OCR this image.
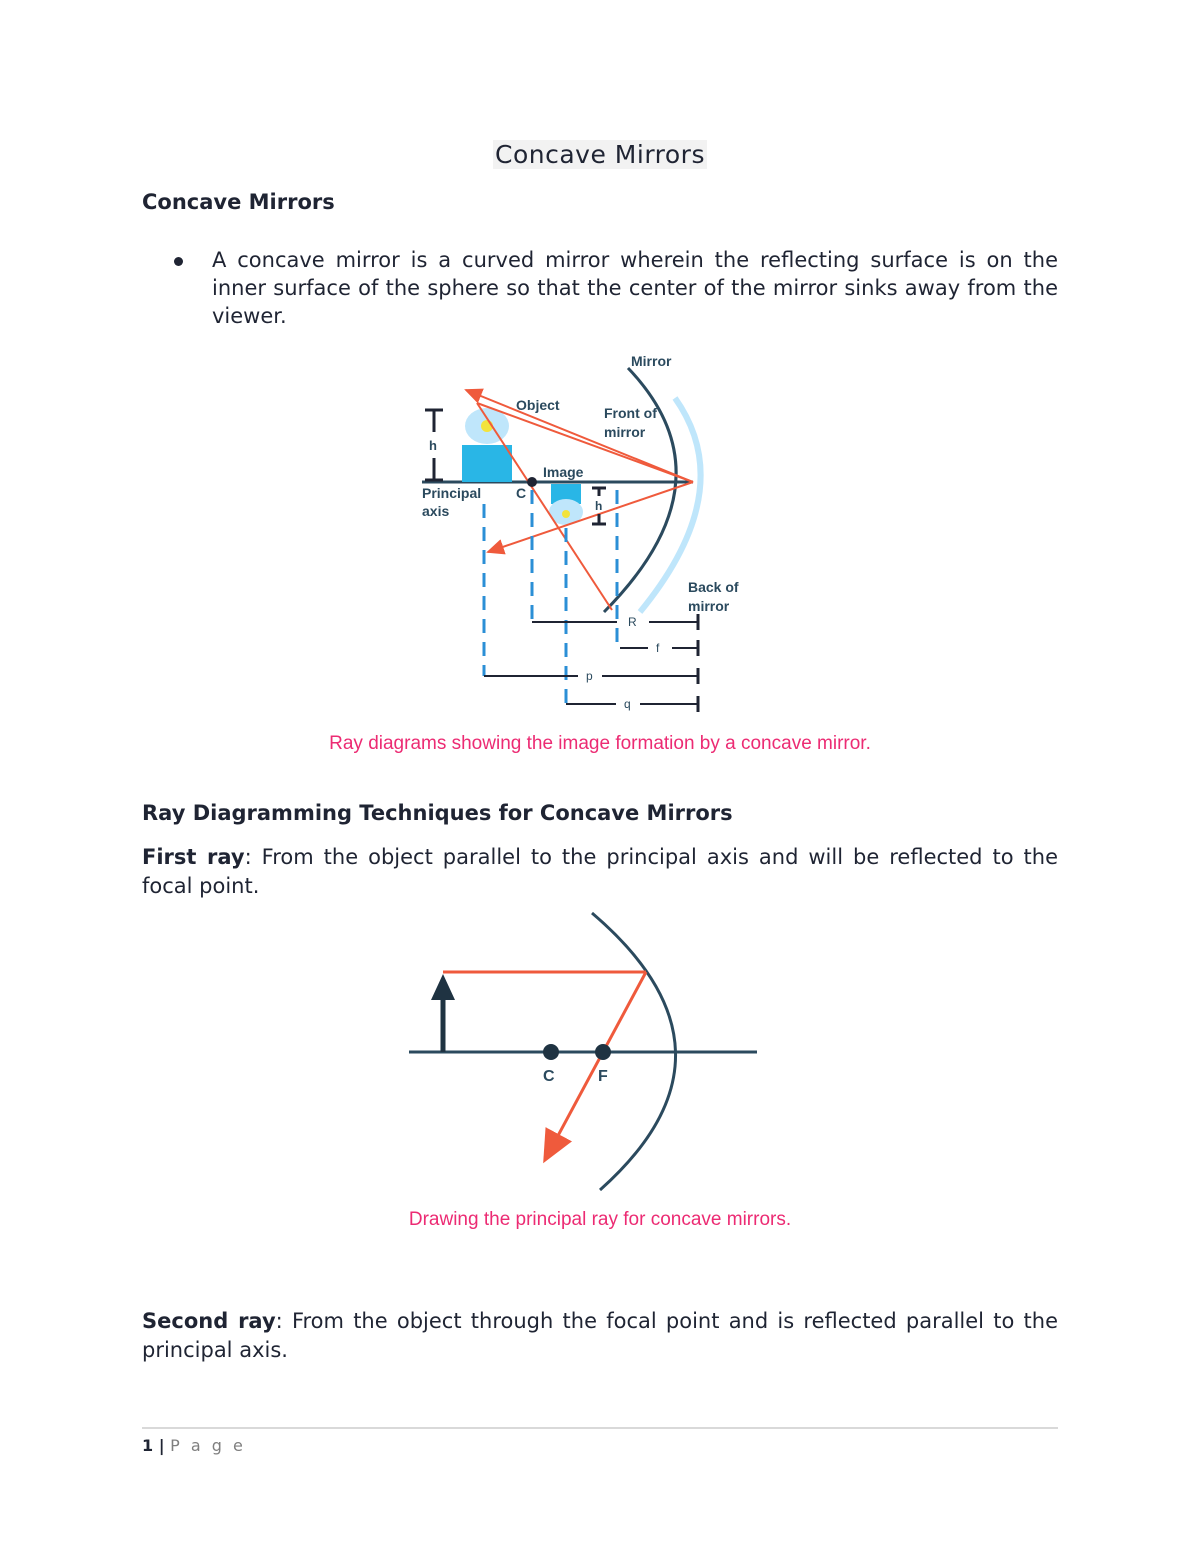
Concave Mirrors
Concave Mirrors
A concave mirror is a curved mirror wherein the reflecting surface is on the inner surface of the sphere so that the center of the mirror sinks away from the viewer.
Mirror
Object	Front of
mirror
Image
h
h
Principal
axis
C
Back of
mirror
R
f
p
q
Ray diagrams showing the image formation by a concave mirror.
Ray Diagramming Techniques for Concave Mirrors

First ray: From the object parallel to the principal axis and will be reflected to the focal point.

C	F
Drawing the principal ray for concave mirrors.

Second ray: From the object through the focal point and is reflected parallel to the principal axis.

1 | P a g e
